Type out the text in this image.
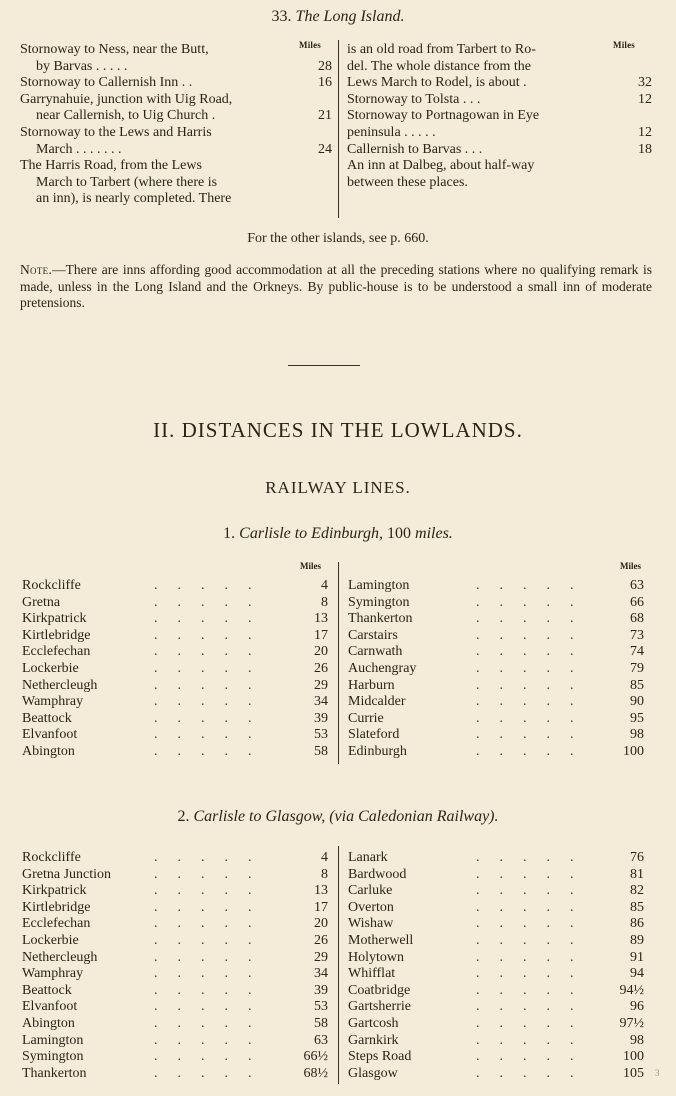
33. The Long Island.
Miles	Miles
Stornoway to Ness, near the Butt,
by Barvas . . . . .	28
Stornoway to Callernish Inn . .	16
Garrynahuie, junction with Uig Road,
near Callernish, to Uig Church .	21
Stornoway to the Lews and Harris
March . . . . . . .	24
The Harris Road, from the Lews
March to Tarbert (where there is
an inn), is nearly completed. There
is an old road from Tarbert to Ro-
del. The whole distance from the
Lews March to Rodel, is about .	32
Stornoway to Tolsta . . .	12
Stornoway to Portnagowan in Eye
peninsula . . . . .	12
Callernish to Barvas . . .	18
An inn at Dalbeg, about half-way
between these places.
For the other islands, see p. 660.
Note.—There are inns affording good accommodation at all the preceding stations where no qualifying remark is made, unless in the Long Island and the Orkneys. By public-house is to be understood a small inn of moderate pretensions.
II. DISTANCES IN THE LOWLANDS.
RAILWAY LINES.
1. Carlisle to Edinburgh, 100 miles.
Miles	Miles
Rockcliffe	.....	4
Gretna	.....	8
Kirkpatrick	.....	13
Kirtlebridge	.....	17
Ecclefechan	.....	20
Lockerbie	.....	26
Nethercleugh	.....	29
Wamphray	.....	34
Beattock	.....	39
Elvanfoot	.....	53
Abington	.....	58
Lamington	.....	63
Symington	.....	66
Thankerton	.....	68
Carstairs	.....	73
Carnwath	.....	74
Auchengray	.....	79
Harburn	.....	85
Midcalder	.....	90
Currie	.....	95
Slateford	.....	98
Edinburgh	.....	100
2. Carlisle to Glasgow, (via Caledonian Railway).
Rockcliffe	.....	4
Gretna Junction	.....	8
Kirkpatrick	.....	13
Kirtlebridge	.....	17
Ecclefechan	.....	20
Lockerbie	.....	26
Nethercleugh	.....	29
Wamphray	.....	34
Beattock	.....	39
Elvanfoot	.....	53
Abington	.....	58
Lamington	.....	63
Symington	.....	66½
Thankerton	.....	68½
Lanark	.....	76
Bardwood	.....	81
Carluke	.....	82
Overton	.....	85
Wishaw	.....	86
Motherwell	.....	89
Holytown	.....	91
Whifflat	.....	94
Coatbridge	.....	94½
Gartsherrie	.....	96
Gartcosh	.....	97½
Garnkirk	.....	98
Steps Road	.....	100
Glasgow	.....	105 3
